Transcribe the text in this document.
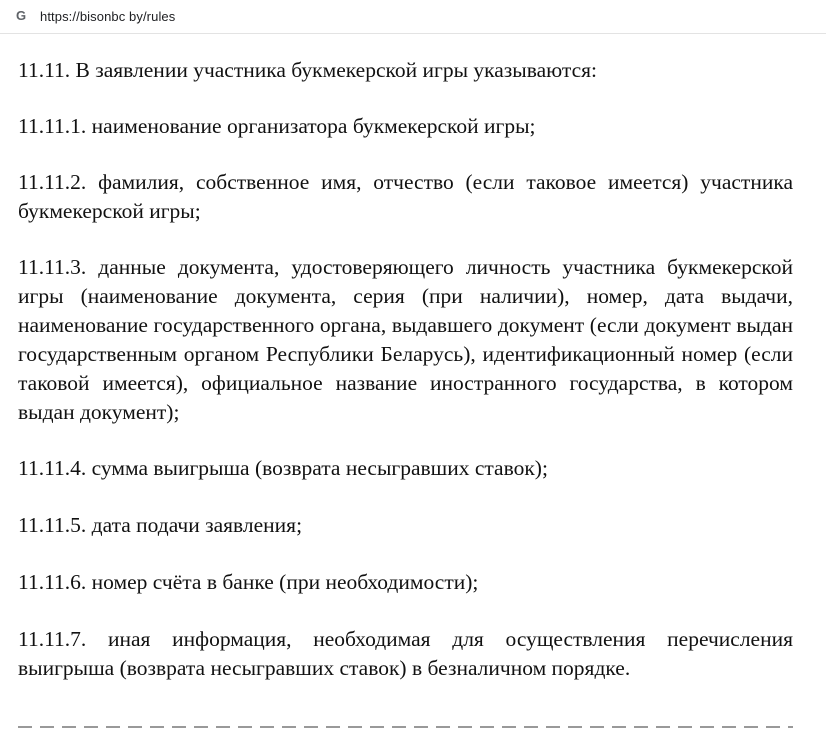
G https://bisonbc by/rules

11.11. В заявлении участника букмекерской игры указываются:

11.11.1. наименование организатора букмекерской игры;

11.11.2. фамилия, собственное имя, отчество (если таковое имеется) участника букмекерской игры;

11.11.3. данные документа, удостоверяющего личность участника букмекерской игры (наименование документа, серия (при наличии), номер, дата выдачи, наименование государственного органа, выдавшего документ (если документ выдан государственным органом Республики Беларусь), идентификационный номер (если таковой имеется), официальное название иностранного государства, в котором выдан документ);

11.11.4. сумма выигрыша (возврата несыгравших ставок);

11.11.5. дата подачи заявления;

11.11.6. номер счёта в банке (при необходимости);

11.11.7. иная информация, необходимая для осуществления перечисления выигрыша (возврата несыгравших ставок) в безналичном порядке.
